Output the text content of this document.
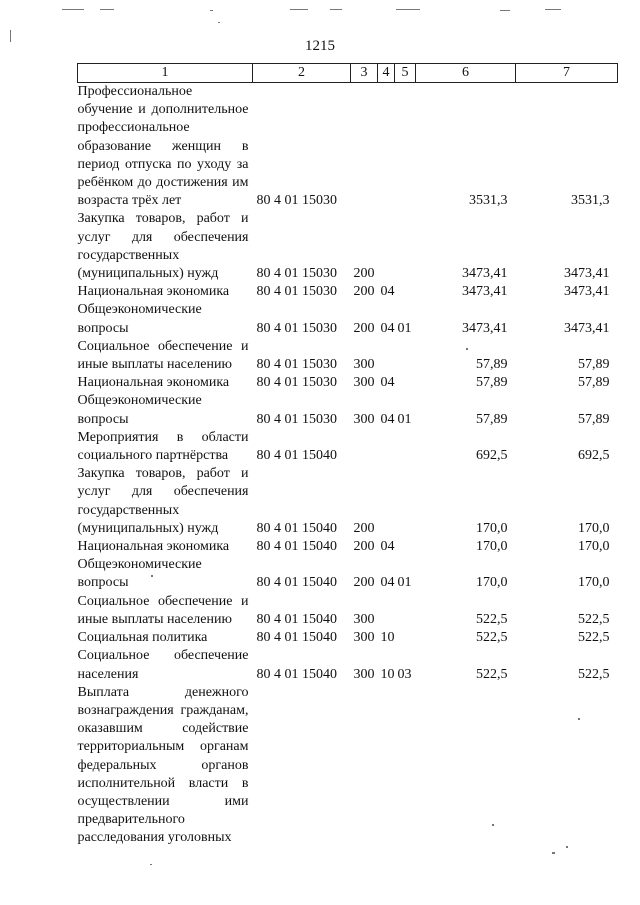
1215
1	2	3	4	5	6	7
Профессиональное обучение и дополнительное профессиональное образование женщин в период отпуска по уходу за ребёнком до достижения им возраста трёх лет	80 4 01 15030				3531,3	3531,3
Закупка товаров, работ и услуг для обеспечения государственных (муниципальных) нужд	80 4 01 15030	200			3473,41	3473,41
Национальная экономика	80 4 01 15030	200	04		3473,41	3473,41
Общеэкономические вопросы	80 4 01 15030	200	04	01	3473,41	3473,41
Социальное обеспечение и иные выплаты населению	80 4 01 15030	300			57,89	57,89
Национальная экономика	80 4 01 15030	300	04		57,89	57,89
Общеэкономические вопросы	80 4 01 15030	300	04	01	57,89	57,89
Мероприятия в области социального партнёрства	80 4 01 15040				692,5	692,5
Закупка товаров, работ и услуг для обеспечения государственных (муниципальных) нужд	80 4 01 15040	200			170,0	170,0
Национальная экономика	80 4 01 15040	200	04		170,0	170,0
Общеэкономические вопросы	80 4 01 15040	200	04	01	170,0	170,0
Социальное обеспечение и иные выплаты населению	80 4 01 15040	300			522,5	522,5
Социальная политика	80 4 01 15040	300	10		522,5	522,5
Социальное обеспечение населения	80 4 01 15040	300	10	03	522,5	522,5
Выплата денежного вознаграждения гражданам, оказавшим содействие территориальным органам федеральных органов исполнительной власти в осуществлении ими предварительного расследования уголовных						
